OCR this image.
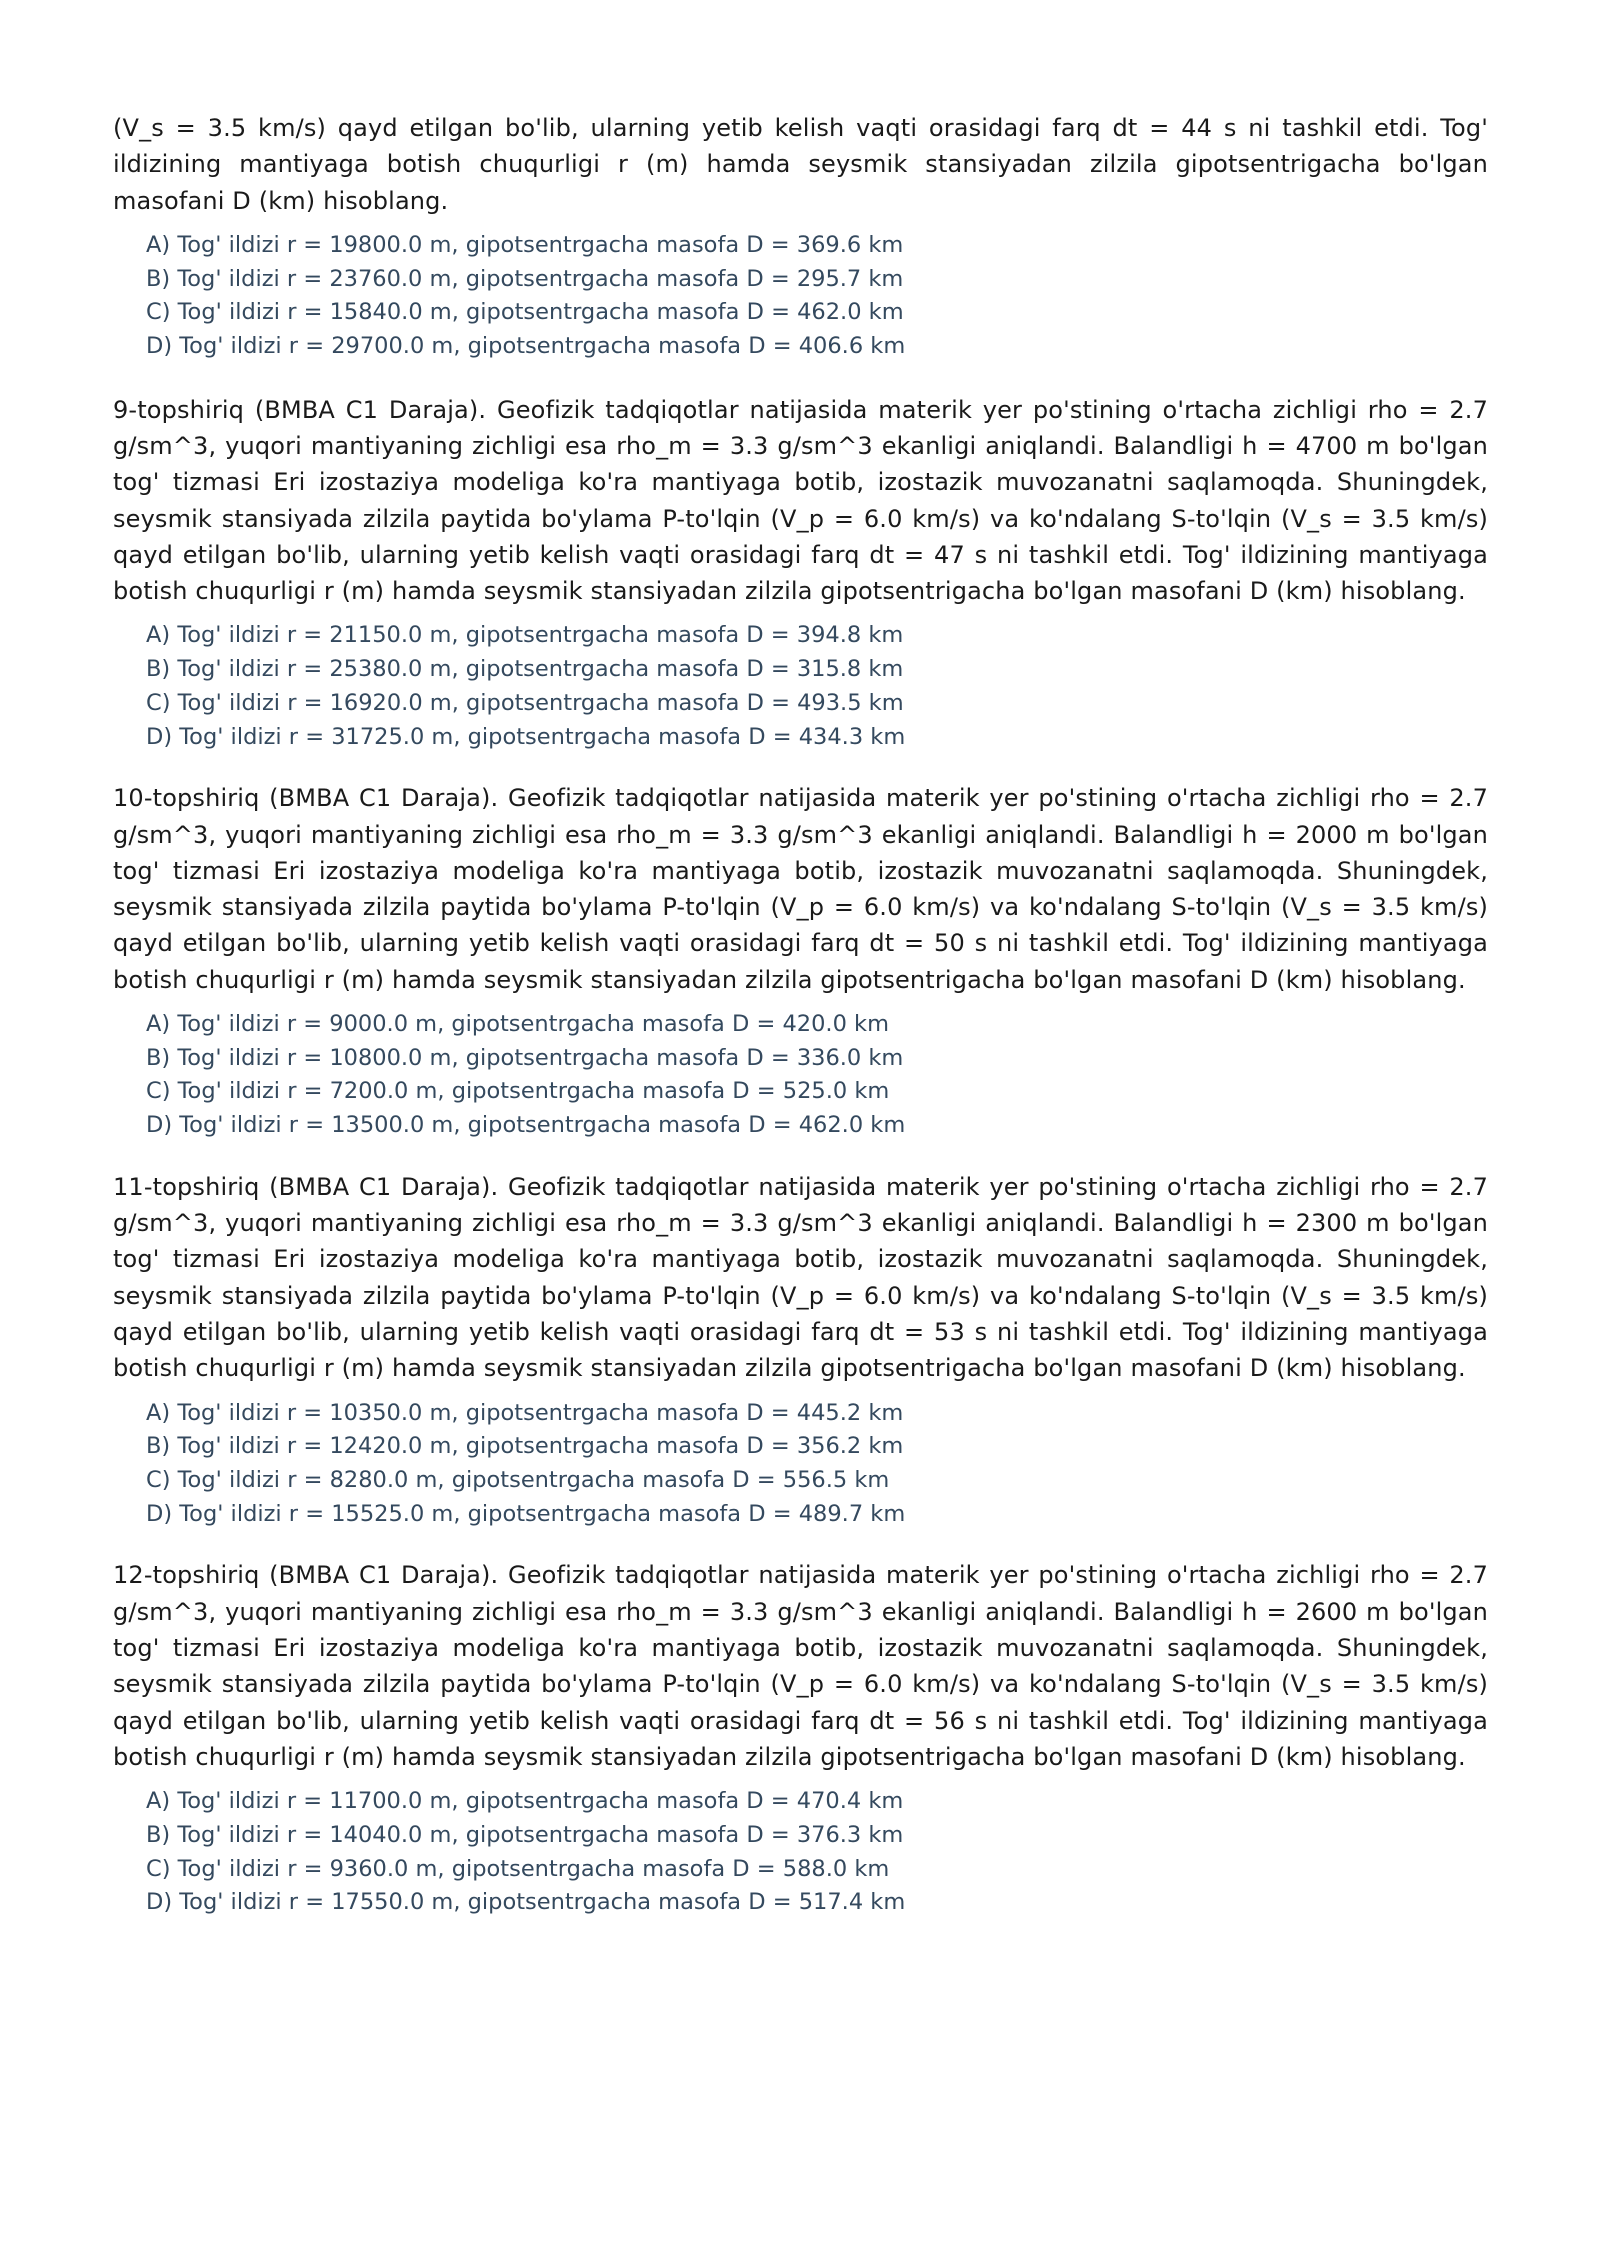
(V_s = 3.5 km/s) qayd etilgan bo'lib, ularning yetib kelish vaqti orasidagi farq dt = 44 s ni tashkil etdi. Tog' ildizining mantiyaga botish chuqurligi r (m) hamda seysmik stansiyadan zilzila gipotsentrigacha bo'lgan masofani D (km) hisoblang.

A) Tog' ildizi r = 19800.0 m, gipotsentrgacha masofa D = 369.6 km
B) Tog' ildizi r = 23760.0 m, gipotsentrgacha masofa D = 295.7 km
C) Tog' ildizi r = 15840.0 m, gipotsentrgacha masofa D = 462.0 km
D) Tog' ildizi r = 29700.0 m, gipotsentrgacha masofa D = 406.6 km

9-topshiriq (BMBA C1 Daraja). Geofizik tadqiqotlar natijasida materik yer po'stining o'rtacha zichligi rho = 2.7 g/sm^3, yuqori mantiyaning zichligi esa rho_m = 3.3 g/sm^3 ekanligi aniqlandi. Balandligi h = 4700 m bo'lgan tog' tizmasi Eri izostaziya modeliga ko'ra mantiyaga botib, izostazik muvozanatni saqlamoqda. Shuningdek, seysmik stansiyada zilzila paytida bo'ylama P-to'lqin (V_p = 6.0 km/s) va ko'ndalang S-to'lqin (V_s = 3.5 km/s) qayd etilgan bo'lib, ularning yetib kelish vaqti orasidagi farq dt = 47 s ni tashkil etdi. Tog' ildizining mantiyaga botish chuqurligi r (m) hamda seysmik stansiyadan zilzila gipotsentrigacha bo'lgan masofani D (km) hisoblang.

A) Tog' ildizi r = 21150.0 m, gipotsentrgacha masofa D = 394.8 km
B) Tog' ildizi r = 25380.0 m, gipotsentrgacha masofa D = 315.8 km
C) Tog' ildizi r = 16920.0 m, gipotsentrgacha masofa D = 493.5 km
D) Tog' ildizi r = 31725.0 m, gipotsentrgacha masofa D = 434.3 km

10-topshiriq (BMBA C1 Daraja). Geofizik tadqiqotlar natijasida materik yer po'stining o'rtacha zichligi rho = 2.7 g/sm^3, yuqori mantiyaning zichligi esa rho_m = 3.3 g/sm^3 ekanligi aniqlandi. Balandligi h = 2000 m bo'lgan tog' tizmasi Eri izostaziya modeliga ko'ra mantiyaga botib, izostazik muvozanatni saqlamoqda. Shuningdek, seysmik stansiyada zilzila paytida bo'ylama P-to'lqin (V_p = 6.0 km/s) va ko'ndalang S-to'lqin (V_s = 3.5 km/s) qayd etilgan bo'lib, ularning yetib kelish vaqti orasidagi farq dt = 50 s ni tashkil etdi. Tog' ildizining mantiyaga botish chuqurligi r (m) hamda seysmik stansiyadan zilzila gipotsentrigacha bo'lgan masofani D (km) hisoblang.

A) Tog' ildizi r = 9000.0 m, gipotsentrgacha masofa D = 420.0 km
B) Tog' ildizi r = 10800.0 m, gipotsentrgacha masofa D = 336.0 km
C) Tog' ildizi r = 7200.0 m, gipotsentrgacha masofa D = 525.0 km
D) Tog' ildizi r = 13500.0 m, gipotsentrgacha masofa D = 462.0 km

11-topshiriq (BMBA C1 Daraja). Geofizik tadqiqotlar natijasida materik yer po'stining o'rtacha zichligi rho = 2.7 g/sm^3, yuqori mantiyaning zichligi esa rho_m = 3.3 g/sm^3 ekanligi aniqlandi. Balandligi h = 2300 m bo'lgan tog' tizmasi Eri izostaziya modeliga ko'ra mantiyaga botib, izostazik muvozanatni saqlamoqda. Shuningdek, seysmik stansiyada zilzila paytida bo'ylama P-to'lqin (V_p = 6.0 km/s) va ko'ndalang S-to'lqin (V_s = 3.5 km/s) qayd etilgan bo'lib, ularning yetib kelish vaqti orasidagi farq dt = 53 s ni tashkil etdi. Tog' ildizining mantiyaga botish chuqurligi r (m) hamda seysmik stansiyadan zilzila gipotsentrigacha bo'lgan masofani D (km) hisoblang.

A) Tog' ildizi r = 10350.0 m, gipotsentrgacha masofa D = 445.2 km
B) Tog' ildizi r = 12420.0 m, gipotsentrgacha masofa D = 356.2 km
C) Tog' ildizi r = 8280.0 m, gipotsentrgacha masofa D = 556.5 km
D) Tog' ildizi r = 15525.0 m, gipotsentrgacha masofa D = 489.7 km

12-topshiriq (BMBA C1 Daraja). Geofizik tadqiqotlar natijasida materik yer po'stining o'rtacha zichligi rho = 2.7 g/sm^3, yuqori mantiyaning zichligi esa rho_m = 3.3 g/sm^3 ekanligi aniqlandi. Balandligi h = 2600 m bo'lgan tog' tizmasi Eri izostaziya modeliga ko'ra mantiyaga botib, izostazik muvozanatni saqlamoqda. Shuningdek, seysmik stansiyada zilzila paytida bo'ylama P-to'lqin (V_p = 6.0 km/s) va ko'ndalang S-to'lqin (V_s = 3.5 km/s) qayd etilgan bo'lib, ularning yetib kelish vaqti orasidagi farq dt = 56 s ni tashkil etdi. Tog' ildizining mantiyaga botish chuqurligi r (m) hamda seysmik stansiyadan zilzila gipotsentrigacha bo'lgan masofani D (km) hisoblang.

A) Tog' ildizi r = 11700.0 m, gipotsentrgacha masofa D = 470.4 km
B) Tog' ildizi r = 14040.0 m, gipotsentrgacha masofa D = 376.3 km
C) Tog' ildizi r = 9360.0 m, gipotsentrgacha masofa D = 588.0 km
D) Tog' ildizi r = 17550.0 m, gipotsentrgacha masofa D = 517.4 km
